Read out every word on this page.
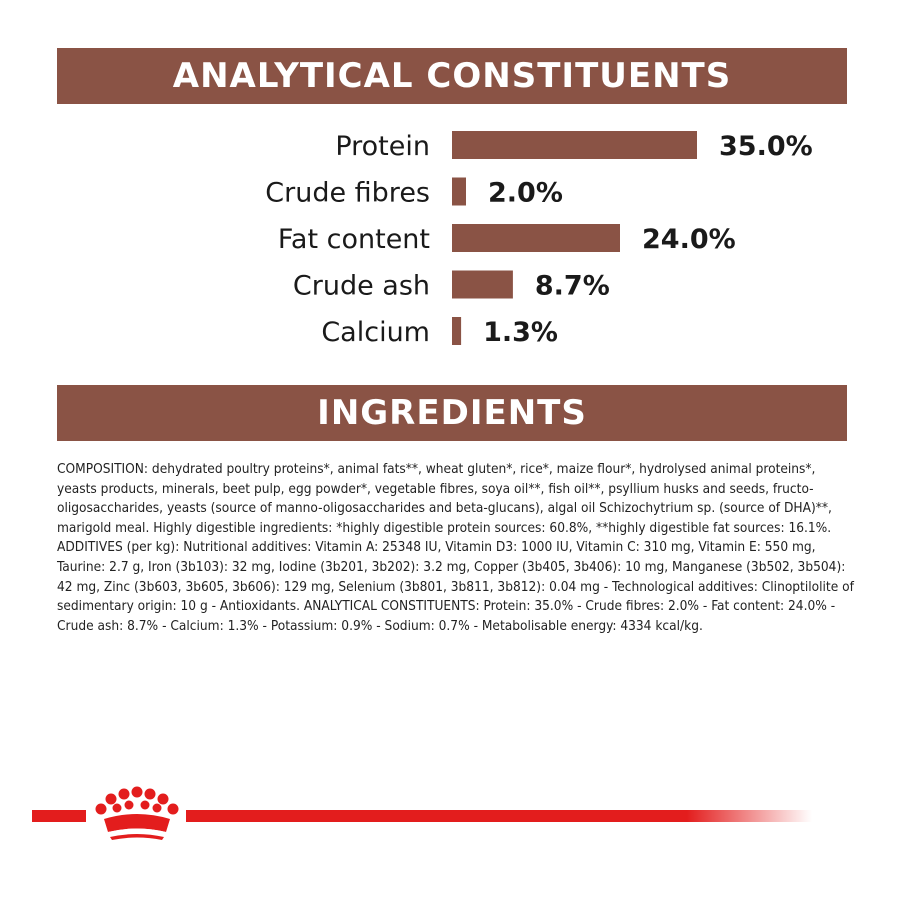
ANALYTICAL CONSTITUENTS
Protein	35.0%
Crude fibres 2.0%
Fat content	24.0%
Crude ash	8.7%
Calcium 1.3%
INGREDIENTS

COMPOSITION: dehydrated poultry proteins*, animal fats**, wheat gluten*, rice*, maize flour*, hydrolysed animal proteins*, yeasts products, minerals, beet pulp, egg powder*, vegetable fibres, soya oil**, fish oil**, psyllium husks and seeds, fructo-oligosaccharides, yeasts (source of manno-oligosaccharides and beta-glucans), algal oil Schizochytrium sp. (source of DHA)**, marigold meal. Highly digestible ingredients: *highly digestible protein sources: 60.8%, **highly digestible fat sources: 16.1%. ADDITIVES (per kg): Nutritional additives: Vitamin A: 25348 IU, Vitamin D3: 1000 IU, Vitamin C: 310 mg, Vitamin E: 550 mg, Taurine: 2.7 g, Iron (3b103): 32 mg, Iodine (3b201, 3b202): 3.2 mg, Copper (3b405, 3b406): 10 mg, Manganese (3b502, 3b504): 42 mg, Zinc (3b603, 3b605, 3b606): 129 mg, Selenium (3b801, 3b811, 3b812): 0.04 mg - Technological additives: Clinoptilolite of sedimentary origin: 10 g - Antioxidants. ANALYTICAL CONSTITUENTS: Protein: 35.0% - Crude fibres: 2.0% - Fat content: 24.0% - Crude ash: 8.7% - Calcium: 1.3% - Potassium: 0.9% - Sodium: 0.7% - Metabolisable energy: 4334 kcal/kg.
